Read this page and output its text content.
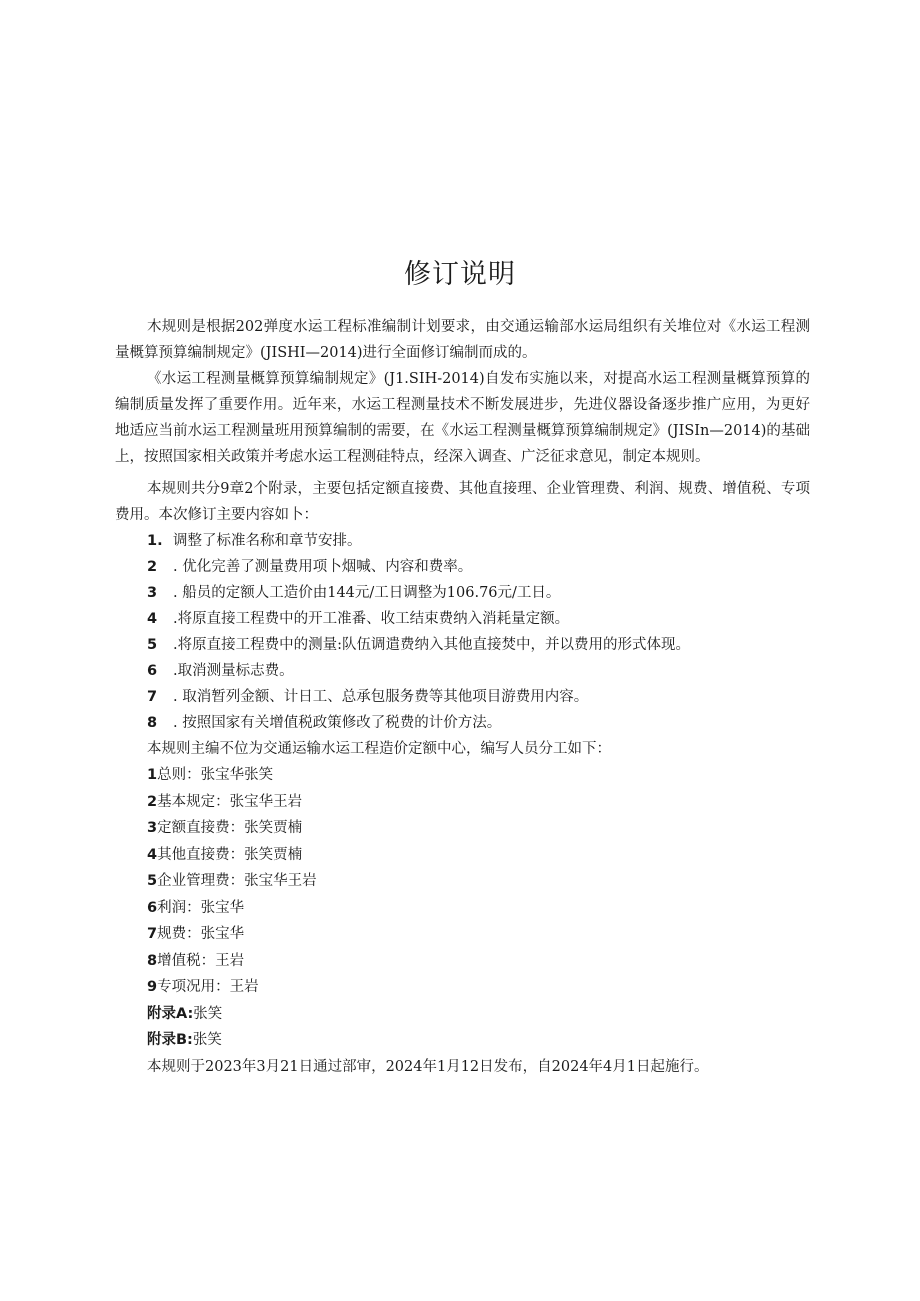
修订说明

木规则是根据202弹度水运工程标准编制计划要求，由交通运输部水运局组织有关堆位对《水运工程测量概算预算编制规定》(JISHI—2014)进行全面修订编制而成的。

《水运工程测量概算预算编制规定》(J1.SIH-2014)自发布实施以来，对提高水运工程测量概算预算的编制质量发挥了重要作用。近年来，水运工程测量技术不断发展进步，先进仪器设备逐步推广应用，为更好地适应当前水运工程测量班用预算编制的需要，在《水运工程测量概算预算编制规定》(JISIn—2014)的基础上，按照国家相关政策并考虑水运工程测硅特点，经深入调查、广泛征求意见，制定本规则。

本规则共分9章2个附录，主要包括定额直接费、其他直接理、企业管理费、利润、规费、增值税、专项费用。本次修订主要内容如卜：

1. 调整了标准名称和章节安排。

2 . 优化完善了测量费用项卜烟喊、内容和费率。

3 . 船员的定额人工造价由144元/工日调整为106.76元/工日。

4 .将原直接工程费中的开工准番、收工结束费纳入消耗量定额。

5 .将原直接工程费中的测量:队伍调遣费纳入其他直接焚中，并以费用的形式体现。

6 .取消测量标志费。

7 . 取消暂列金额、计日工、总承包服务费等其他项目游费用内容。

8 . 按照国家有关增值税政策修改了税费的计价方法。

本规则主编不位为交通运输水运工程造价定额中心，编写人员分工如下：

1总则：张宝华张笑

2基本规定：张宝华王岩

3定额直接费：张笑贾楠

4其他直接费：张笑贾楠

5企业管理费：张宝华王岩

6利润：张宝华

7规费：张宝华

8增值税：王岩

9专项况用：王岩

附录A:张笑

附录B:张笑

本规则于2023年3月21日通过部审，2024年1月12日发布，自2024年4月1日起施行。
